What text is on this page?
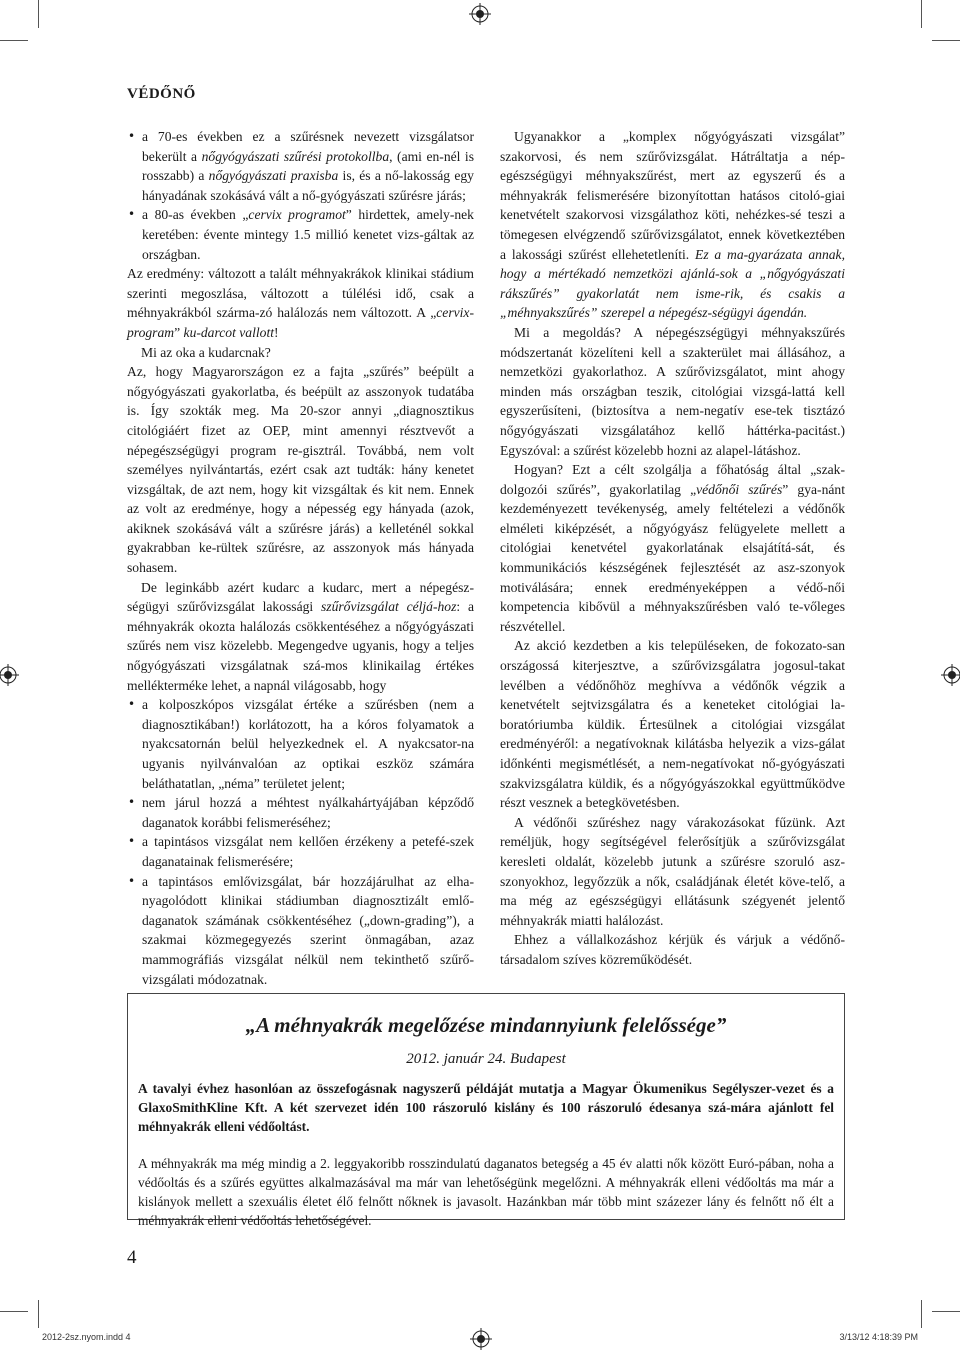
VÉDŐNŐ
• a 70-es években ez a szűrésnek nevezett vizsgálatsor bekerült a nőgyógyászati szűrési protokollba, (ami en-nél is rosszabb) a nőgyógyászati praxisba is, és a nő-lakosság egy hányadának szokásává vált a nő-gyógyászati szűrésre járás;
• a 80-as években „cervix programot” hirdettek, amely-nek keretében: évente mintegy 1.5 millió kenetet vizs-gáltak az országban.

Az eredmény: változott a talált méhnyakrákok klinikai stádium szerinti megoszlása, változott a túlélési idő, csak a méhnyakrákból szárma-zó halálozás nem változott. A „cervix-program” ku-darcot vallott!

Mi az oka a kudarcnak?

Az, hogy Magyarországon ez a fajta „szűrés” beépült a nőgyógyászati gyakorlatba, és beépült az asszonyok tudatába is. Így szokták meg. Ma 20-szor annyi „diagnosztikus citológiáért fizet az OEP, mint amennyi résztvevőt a népegészségügyi program re-gisztrál. Továbbá, nem volt személyes nyilvántartás, ezért csak azt tudták: hány kenetet vizsgáltak, de azt nem, hogy kit vizsgáltak és kit nem. Ennek az volt az eredménye, hogy a népesség egy hányada (azok, akiknek szokásává vált a szűrésre járás) a kelleténél sokkal gyakrabban ke-rültek szűrésre, az asszonyok más hányada sohasem.

De leginkább azért kudarc a kudarc, mert a népegész-ségügyi szűrővizsgálat lakossági szűrővizsgálat céljá-hoz: a méhnyakrák okozta halálozás csökkentéséhez a nőgyógyászati szűrés nem visz közelebb. Megengedve ugyanis, hogy a teljes nőgyógyászati vizsgálatnak szá-mos klinikailag értékes mellékterméke lehet, a napnál világosabb, hogy

• a kolposzkópos vizsgálat értéke a szűrésben (nem a diagnosztikában!) korlátozott, ha a kóros folyamatok a nyakcsatornán belül helyezkednek el. A nyakcsator-na ugyanis nyilvánvalóan az optikai eszköz számára beláthatatlan, „néma” területet jelent;
• nem járul hozzá a méhtest nyálkahártyájában képződő daganatok korábbi felismeréséhez;
• a tapintásos vizsgálat nem kellően érzékeny a petefé-szek daganatainak felismerésére;
• a tapintásos emlővizsgálat, bár hozzájárulhat az elha-nyagolódott klinikai stádiumban diagnosztizált emlő-daganatok számának csökkentéséhez („down-grading”), a szakmai közmegegyezés szerint önmagában, azaz mammográfiás vizsgálat nélkül nem tekinthető szűrő-vizsgálati módozatnak.

Ugyanakkor a „komplex nőgyógyászati vizsgálat” szakorvosi, és nem szűrővizsgálat. Hátráltatja a nép-egészségügyi méhnyakszűrést, mert az egyszerű és a méhnyakrák felismerésére bizonyítottan hatásos citoló-giai kenetvételt szakorvosi vizsgálathoz köti, nehézkes-sé teszi a tömegesen elvégzendő szűrővizsgálatot, ennek következtében a lakossági szűrést ellehetetleníti. Ez a ma-gyarázata annak, hogy a mértékadó nemzetközi ajánlá-sok a „nőgyógyászati rákszűrés” gyakorlatát nem isme-rik, és csakis a „méhnyakszűrés” szerepel a népegész-ségügyi ágendán.

Mi a megoldás? A népegészségügyi méhnyakszűrés módszertanát közelíteni kell a szakterület mai állásához, a nemzetközi gyakorlathoz. A szűrővizsgálatot, mint ahogy minden más országban teszik, citológiai vizsgá-lattá kell egyszerűsíteni, (biztosítva a nem-negatív ese-tek tisztázó nőgyógyászati vizsgálatához kellő háttérka-pacitást.) Egyszóval: a szűrést közelebb hozni az alapel-látáshoz.

Hogyan? Ezt a célt szolgálja a főhatóság által „szak-dolgozói szűrés”, gyakorlatilag „védőnői szűrés” gya-nánt kezdeményezett tevékenység, amely feltételezi a védőnők elméleti kiképzését, a nőgyógyász felügyelete mellett a citológiai kenetvétel gyakorlatának elsajátítá-sát, és kommunikációs készségének fejlesztését az asz-szonyok motiválására; ennek eredményeképpen a védő-női kompetencia kibővül a méhnyakszűrésben való te-vőleges részvétellel.

Az akció kezdetben a kis településeken, de fokozato-san országossá kiterjesztve, a szűrővizsgálatra jogosul-takat levélben a védőnőhöz meghívva a védőnők végzik a kenetvételt sejtvizsgálatra és a keneteket citológiai la-boratóriumba küldik. Értesülnek a citológiai vizsgálat eredményéről: a negatívoknak kilátásba helyezik a vizs-gálat időnkénti megismétlését, a nem-negatívokat nő-gyógyászati szakvizsgálatra küldik, és a nőgyógyászokkal együttműködve részt vesznek a betegkövetésben.

A védőnői szűréshez nagy várakozásokat fűzünk. Azt reméljük, hogy segítségével felerősítjük a szűrővizsgálat keresleti oldalát, közelebb jutunk a szűrésre szoruló asz-szonyokhoz, legyőzzük a nők, családjának életét köve-telő, a ma még az egészségügyi ellátásunk szégyenét jelentő méhnyakrák miatti halálozást.

Ehhez a vállalkozáshoz kérjük és várjuk a védőnő-társadalom szíves közreműködését.

„A méhnyakrák megelőzése mindannyiunk felelőssége”
2012. január 24. Budapest

A tavalyi évhez hasonlóan az összefogásnak nagyszerű példáját mutatja a Magyar Ökumenikus Segélyszer-vezet és a GlaxoSmithKline Kft. A két szervezet idén 100 rászoruló kislány és 100 rászoruló édesanya szá-mára ajánlott fel méhnyakrák elleni védőoltást.

A méhnyakrák ma még mindig a 2. leggyakoribb rosszindulatú daganatos betegség a 45 év alatti nők között Euró-pában, noha a védőoltás és a szűrés együttes alkalmazásával ma már van lehetőségünk megelőzni. A méhnyakrák elleni védőoltás ma már a kislányok mellett a szexuális életet élő felnőtt nőknek is javasolt. Hazánkban már több mint százezer lány és felnőtt nő élt a méhnyakrák elleni védőoltás lehetőségével.

4
2012-2sz.nyom.indd 4	3/13/12 4:18:39 PM
